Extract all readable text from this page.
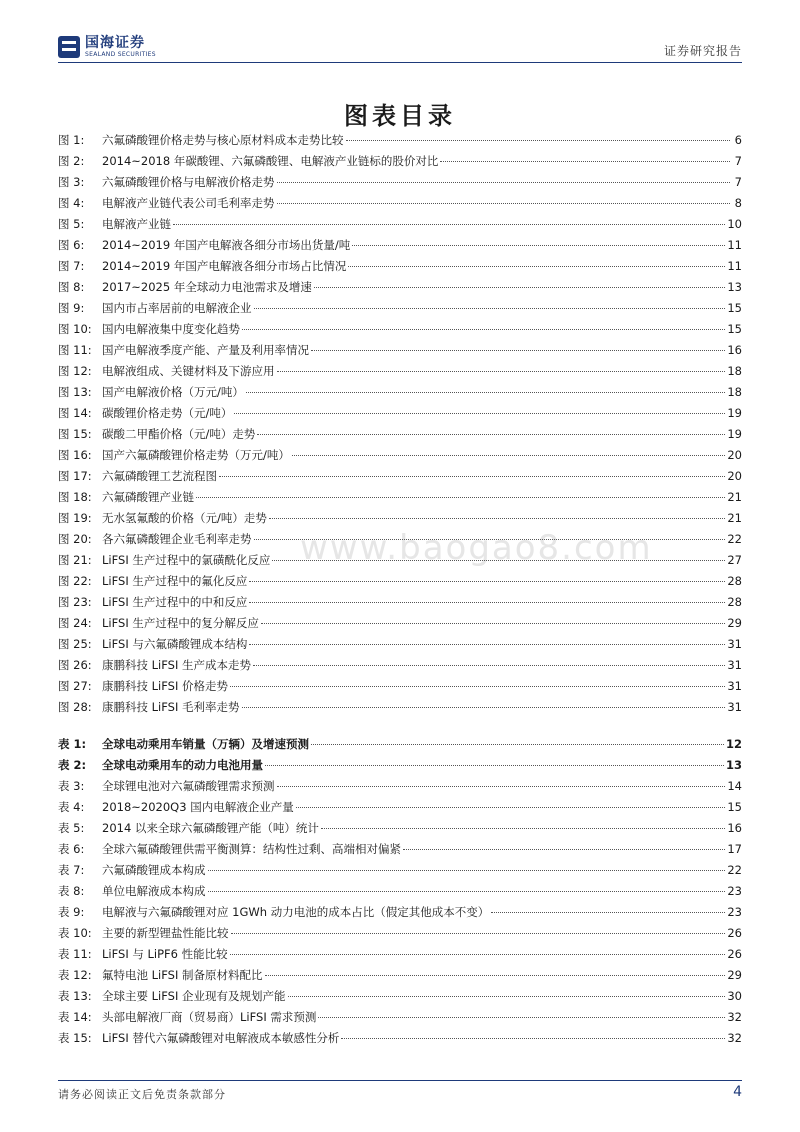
国海证券
SEALAND SECURITIES	证券研究报告
图表目录
www.baogao8.com
图 1:	六氟磷酸锂价格走势与核心原材料成本走势比较	6
图 2:	2014~2018 年碳酸锂、六氟磷酸锂、电解液产业链标的股价对比	7
图 3:	六氟磷酸锂价格与电解液价格走势	7
图 4:	电解液产业链代表公司毛利率走势	8
图 5:	电解液产业链	10
图 6:	2014~2019 年国产电解液各细分市场出货量/吨	11
图 7:	2014~2019 年国产电解液各细分市场占比情况	11
图 8:	2017~2025 年全球动力电池需求及增速	13
图 9:	国内市占率居前的电解液企业	15
图 10: 国内电解液集中度变化趋势	15
图 11: 国产电解液季度产能、产量及利用率情况	16
图 12: 电解液组成、关键材料及下游应用	18
图 13: 国产电解液价格（万元/吨）	18
图 14: 碳酸锂价格走势（元/吨）	19
图 15: 碳酸二甲酯价格（元/吨）走势	19
图 16: 国产六氟磷酸锂价格走势（万元/吨）	20
图 17: 六氟磷酸锂工艺流程图	20
图 18: 六氟磷酸锂产业链	21
图 19: 无水氢氟酸的价格（元/吨）走势	21
图 20: 各六氟磷酸锂企业毛利率走势	22
图 21: LiFSI 生产过程中的氯磺酰化反应	27
图 22: LiFSI 生产过程中的氟化反应	28
图 23: LiFSI 生产过程中的中和反应	28
图 24: LiFSI 生产过程中的复分解反应	29
图 25: LiFSI 与六氟磷酸锂成本结构	31
图 26: 康鹏科技 LiFSI 生产成本走势	31
图 27: 康鹏科技 LiFSI 价格走势	31
图 28: 康鹏科技 LiFSI 毛利率走势	31
表 1:	全球电动乘用车销量（万辆）及增速预测	12
表 2:	全球电动乘用车的动力电池用量	13
表 3:	全球锂电池对六氟磷酸锂需求预测	14
表 4:	2018~2020Q3 国内电解液企业产量	15
表 5:	2014 以来全球六氟磷酸锂产能（吨）统计	16
表 6:	全球六氟磷酸锂供需平衡测算：结构性过剩、高端相对偏紧	17
表 7:	六氟磷酸锂成本构成	22
表 8:	单位电解液成本构成	23
表 9:	电解液与六氟磷酸锂对应 1GWh 动力电池的成本占比（假定其他成本不变）	23
表 10: 主要的新型锂盐性能比较	26
表 11: LiFSI 与 LiPF6 性能比较	26
表 12: 氟特电池 LiFSI 制备原材料配比	29
表 13: 全球主要 LiFSI 企业现有及规划产能	30
表 14: 头部电解液厂商（贸易商）LiFSI 需求预测	32
表 15: LiFSI 替代六氟磷酸锂对电解液成本敏感性分析	32
请务必阅读正文后免责条款部分	4
